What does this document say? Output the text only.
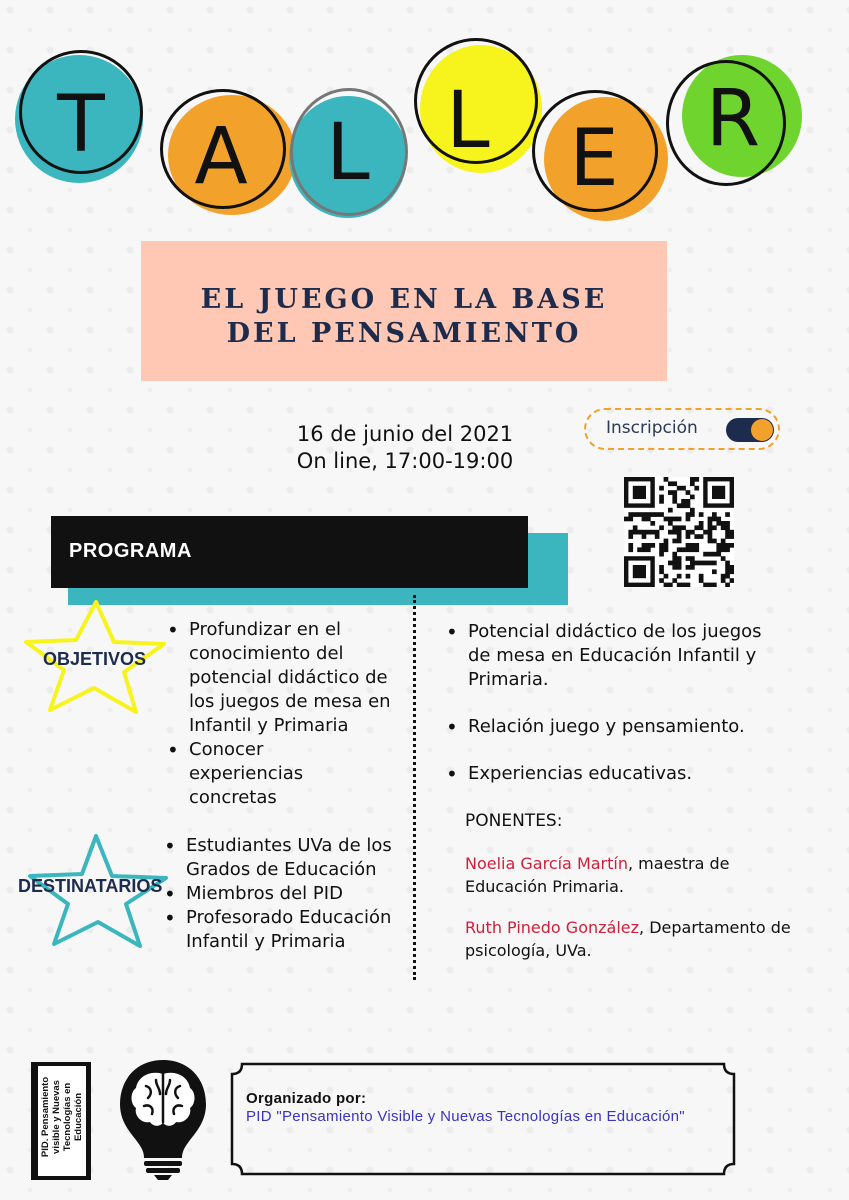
T	A	L L	E	R
EL JUEGO EN LA BASE
DEL PENSAMIENTO
16 de junio del 2021
On line, 17:00-19:00
Inscripción
PROGRAMA
OBJETIVOS
• Profundizar en el conocimiento del potencial didáctico de los juegos de mesa en Infantil y Primaria
• Conocer experiencias concretas
DESTINATARIOS
• Estudiantes UVa de los Grados de Educación
• Miembros del PID
• Profesorado Educación Infantil y Primaria
• Potencial didáctico de los juegos de mesa en Educación Infantil y Primaria.
• Relación juego y pensamiento.
• Experiencias educativas.
PONENTES:
Noelia García Martín, maestra de Educación Primaria.
Ruth Pinedo González, Departamento de psicología, UVa.
PID. Pensamiento visible y Nuevas Tecnologías en Educación	Organizado por:
PID "Pensamiento Visible y Nuevas Tecnologías en Educación"
